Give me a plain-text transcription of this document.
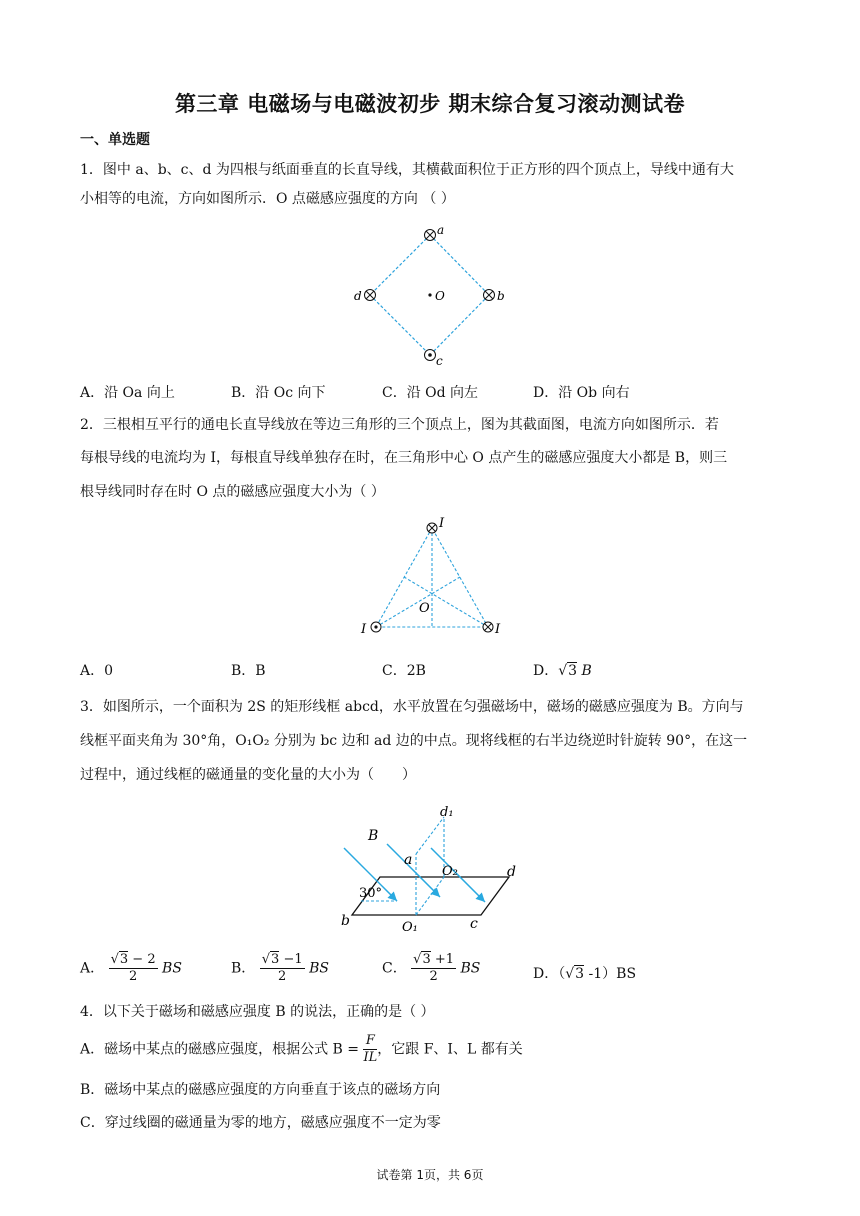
第三章 电磁场与电磁波初步 期末综合复习滚动测试卷
一、单选题
1．图中 a、b、c、d 为四根与纸面垂直的长直导线，其横截面积位于正方形的四个顶点上，导线中通有大
小相等的电流，方向如图所示．O 点磁感应强度的方向 （ ）
a
b
c
d	O
A．沿 Oa 向上	B．沿 Oc 向下	C．沿 Od 向左	D．沿 Ob 向右
2．三根相互平行的通电长直导线放在等边三角形的三个顶点上，图为其截面图，电流方向如图所示．若
每根导线的电流均为 I，每根直导线单独存在时，在三角形中心 O 点产生的磁感应强度大小都是 B，则三
根导线同时存在时 O 点的磁感应强度大小为（ ）
I
I	I
O
A．0	B．B	C．2B	D．√3 B
3．如图所示，一个面积为 2S 的矩形线框 abcd，水平放置在匀强磁场中，磁场的磁感应强度为 B。方向与
线框平面夹角为 30°角，O₁O₂ 分别为 bc 边和 ad 边的中点。现将线框的右半边绕逆时针旋转 90°，在这一
过程中，通过线框的磁通量的变化量的大小为（　　）
B
a
d₁
O₂	d
b	O₁	c
30°
A． $\frac{√3 - 2}{2}$ BS	B． $\frac{√3 -1}{2}$ BS	C． $\frac{√3 +1}{2}$ BS	D．（√3 -1）BS
4．以下关于磁场和磁感应强度 B 的说法，正确的是（ ）
A．磁场中某点的磁感应强度，根据公式 $B = \frac{F}{IL}$ ，它跟 F、I、L 都有关
B．磁场中某点的磁感应强度的方向垂直于该点的磁场方向
C．穿过线圈的磁通量为零的地方，磁感应强度不一定为零
试卷第 1页，共 6页
